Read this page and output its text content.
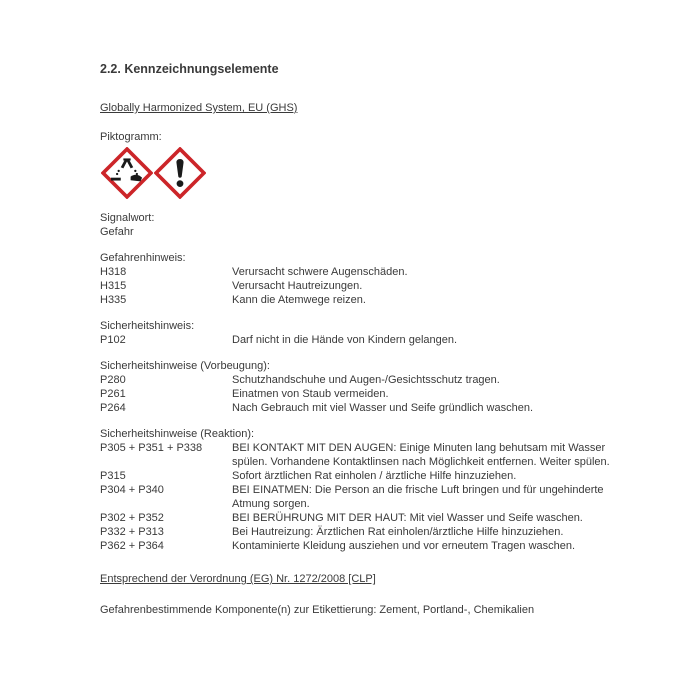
2.2. Kennzeichnungselemente
Globally Harmonized System, EU (GHS)
Piktogramm:
Signalwort:
Gefahr
Gefahrenhinweis:
H318	Verursacht schwere Augenschäden.
H315	Verursacht Hautreizungen.
H335	Kann die Atemwege reizen.
Sicherheitshinweis:
P102	Darf nicht in die Hände von Kindern gelangen.
Sicherheitshinweise (Vorbeugung):
P280	Schutzhandschuhe und Augen-/Gesichtsschutz tragen.
P261	Einatmen von Staub vermeiden.
P264	Nach Gebrauch mit viel Wasser und Seife gründlich waschen.
Sicherheitshinweise (Reaktion):
P305 + P351 + P338	BEI KONTAKT MIT DEN AUGEN: Einige Minuten lang behutsam mit Wasser spülen. Vorhandene Kontaktlinsen nach Möglichkeit entfernen. Weiter spülen.
P315	Sofort ärztlichen Rat einholen / ärztliche Hilfe hinzuziehen.
P304 + P340	BEI EINATMEN: Die Person an die frische Luft bringen und für ungehinderte Atmung sorgen.
P302 + P352	BEI BERÜHRUNG MIT DER HAUT: Mit viel Wasser und Seife waschen.
P332 + P313	Bei Hautreizung: Ärztlichen Rat einholen/ärztliche Hilfe hinzuziehen.
P362 + P364	Kontaminierte Kleidung ausziehen und vor erneutem Tragen waschen.
Entsprechend der Verordnung (EG) Nr. 1272/2008 [CLP]
Gefahrenbestimmende Komponente(n) zur Etikettierung: Zement, Portland-, Chemikalien
